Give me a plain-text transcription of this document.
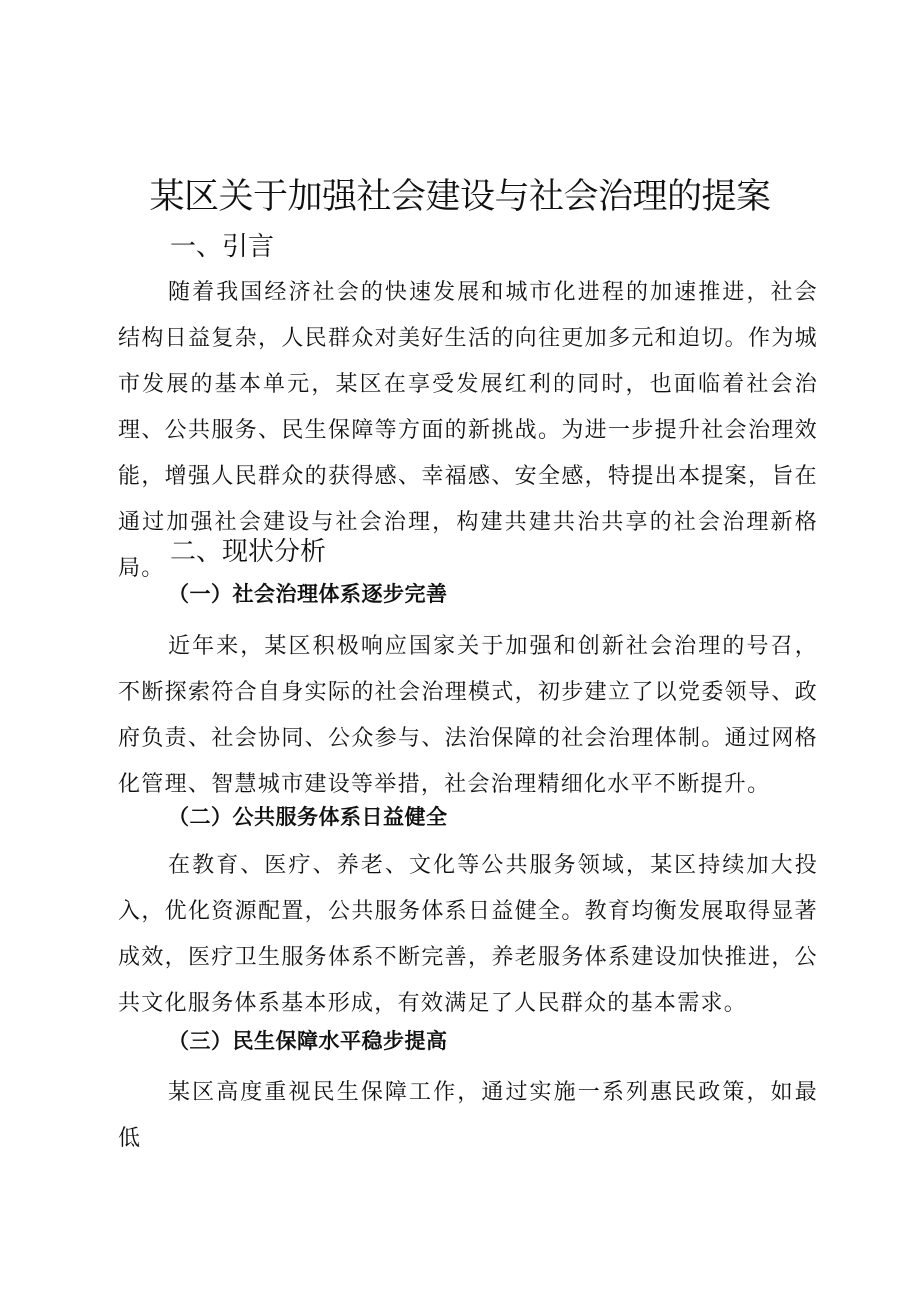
某区关于加强社会建设与社会治理的提案
一、引言

随着我国经济社会的快速发展和城市化进程的加速推进，社会结构日益复杂，人民群众对美好生活的向往更加多元和迫切。作为城市发展的基本单元，某区在享受发展红利的同时，也面临着社会治理、公共服务、民生保障等方面的新挑战。为进一步提升社会治理效能，增强人民群众的获得感、幸福感、安全感，特提出本提案，旨在通过加强社会建设与社会治理，构建共建共治共享的社会治理新格局。

二、现状分析
（一）社会治理体系逐步完善

近年来，某区积极响应国家关于加强和创新社会治理的号召，不断探索符合自身实际的社会治理模式，初步建立了以党委领导、政府负责、社会协同、公众参与、法治保障的社会治理体制。通过网格化管理、智慧城市建设等举措，社会治理精细化水平不断提升。

（二）公共服务体系日益健全

在教育、医疗、养老、文化等公共服务领域，某区持续加大投入，优化资源配置，公共服务体系日益健全。教育均衡发展取得显著成效，医疗卫生服务体系不断完善，养老服务体系建设加快推进，公共文化服务体系基本形成，有效满足了人民群众的基本需求。

（三）民生保障水平稳步提高

某区高度重视民生保障工作，通过实施一系列惠民政策，如最低
